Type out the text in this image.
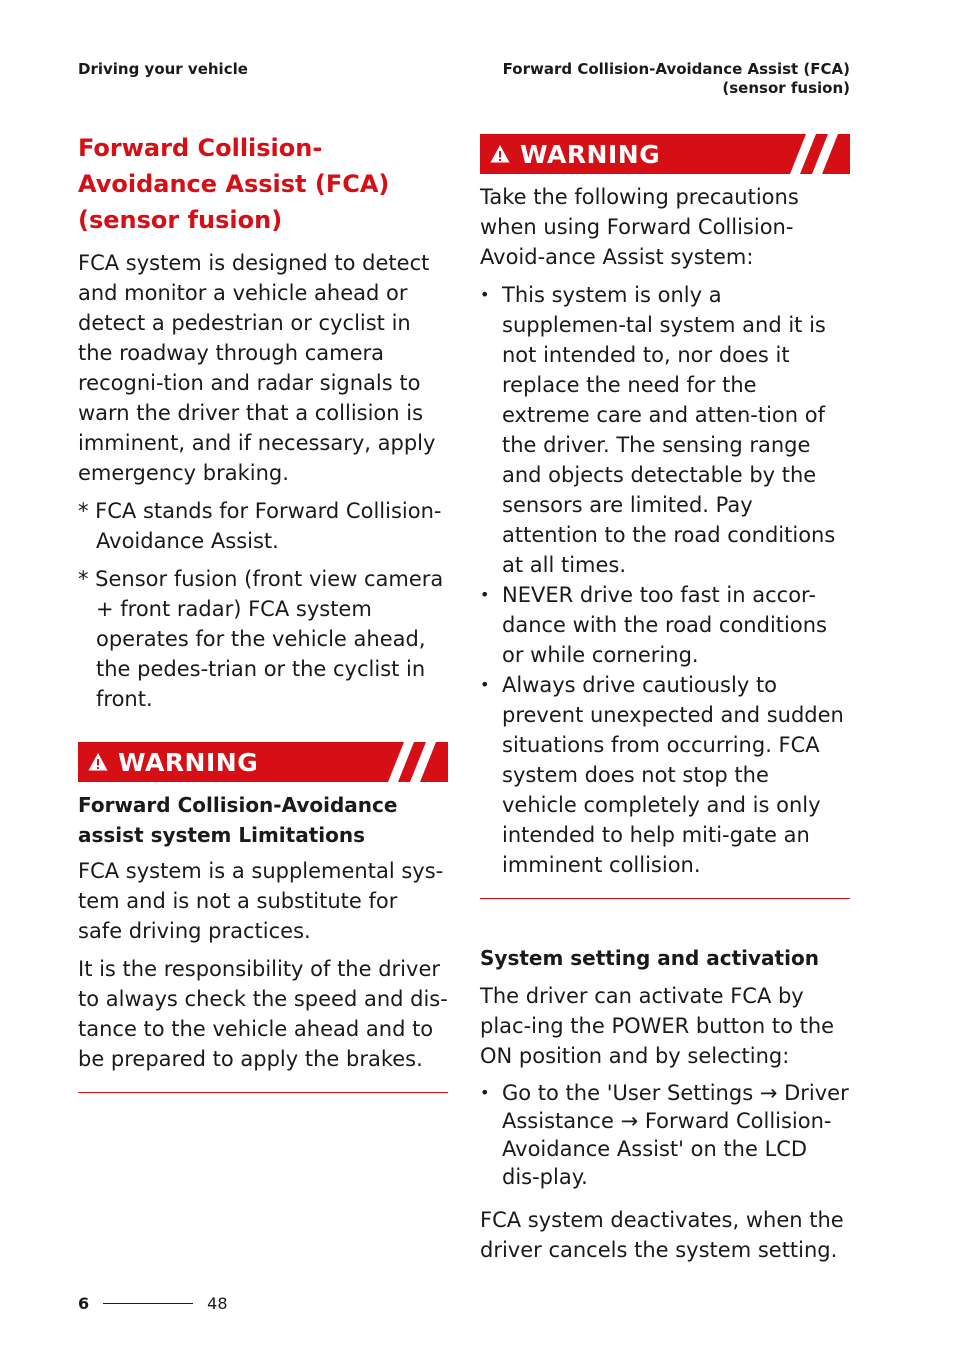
Driving your vehicle	Forward Collision-Avoidance Assist (FCA) (sensor fusion)
Forward Collision-Avoidance Assist (FCA) (sensor fusion)

FCA system is designed to detect and monitor a vehicle ahead or detect a pedestrian or cyclist in the roadway through camera recogni-tion and radar signals to warn the driver that a collision is imminent, and if necessary, apply emergency braking.

* FCA stands for Forward Collision-Avoidance Assist.

* Sensor fusion (front view camera + front radar) FCA system operates for the vehicle ahead, the pedes-trian or the cyclist in front.

WARNING

Forward Collision-Avoidance assist system Limitations

FCA system is a supplemental sys-tem and is not a substitute for safe driving practices.

It is the responsibility of the driver to always check the speed and dis-tance to the vehicle ahead and to be prepared to apply the brakes.

WARNING

Take the following precautions when using Forward Collision-Avoid-ance Assist system:

• This system is only a supplemen-tal system and it is not intended to, nor does it replace the need for the extreme care and atten-tion of the driver. The sensing range and objects detectable by the sensors are limited. Pay attention to the road conditions at all times.
• NEVER drive too fast in accor-dance with the road conditions or while cornering.
• Always drive cautiously to prevent unexpected and sudden situations from occurring. FCA system does not stop the vehicle completely and is only intended to help miti-gate an imminent collision.
System setting and activation

The driver can activate FCA by plac-ing the POWER button to the ON position and by selecting:

• Go to the 'User Settings → Driver Assistance → Forward Collision-Avoidance Assist' on the LCD dis-play.

FCA system deactivates, when the driver cancels the system setting.

6	48
